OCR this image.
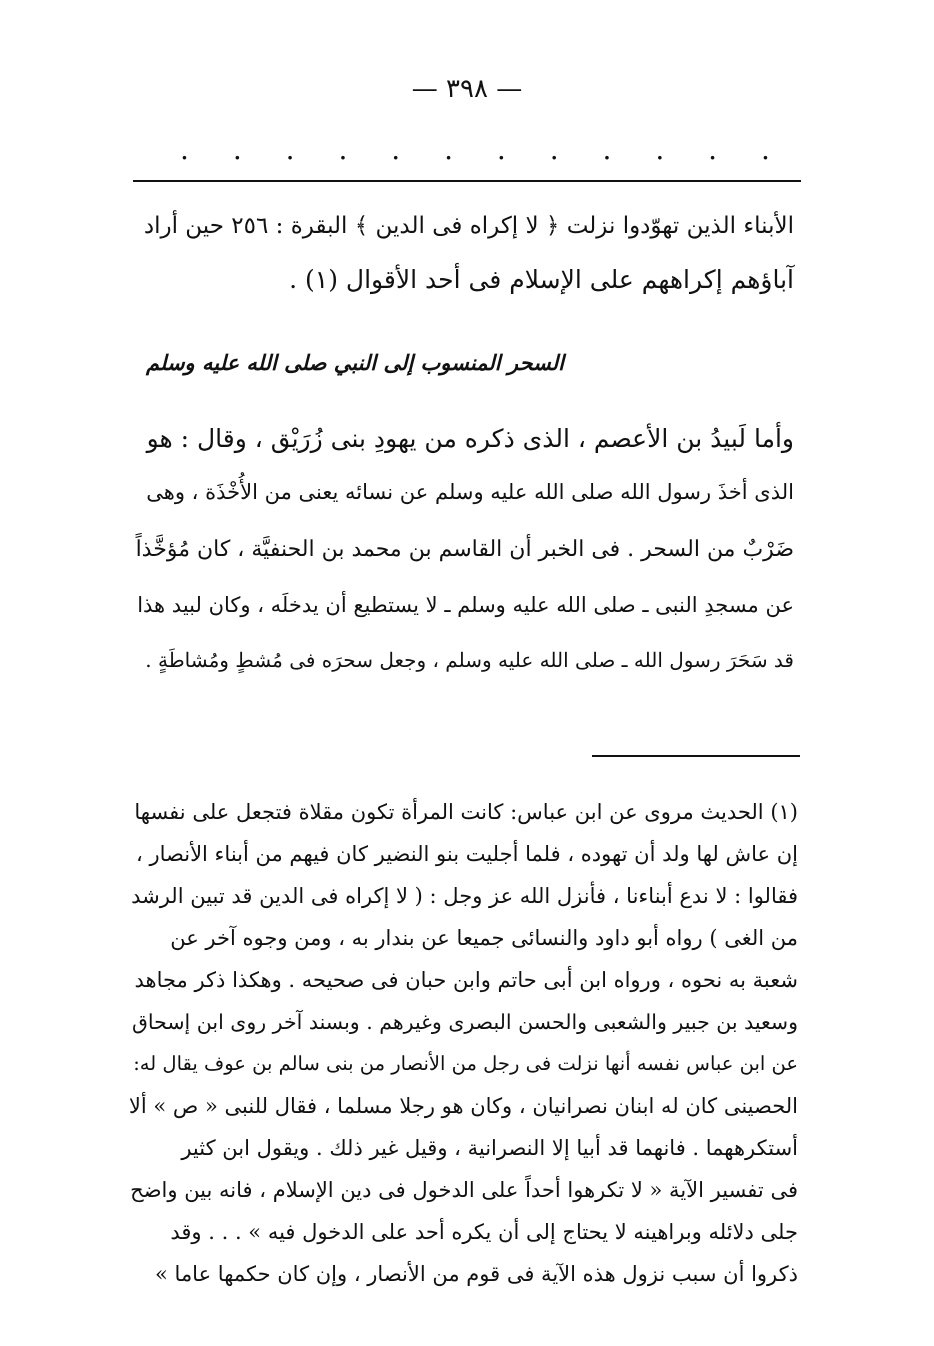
— ٣٩٨ —
. . . . . . . . . . . .
الأبناء الذين تهوّدوا نزلت ﴿ لا إكراه فى الدين ﴾ البقرة : ٢٥٦ حين أراد
آباؤهم إكراههم على الإسلام فى أحد الأقوال (١) .
السحر المنسوب إلى النبي صلى الله عليه وسلم
وأما لَبيدُ بن الأعصم ، الذى ذكره من يهودِ بنى زُرَيْق ، وقال : هو
الذى أخذَ رسول الله صلى الله عليه وسلم عن نسائه يعنى من الأُخْذَة ، وهى
ضَرْبٌ من السحر . فى الخبر أن القاسم بن محمد بن الحنفيَّة ، كان مُؤخَّذاً
عن مسجدِ النبى ـ صلى الله عليه وسلم ـ لا يستطيع أن يدخلَه ، وكان لبيد هذا
قد سَحَرَ رسول الله ـ صلى الله عليه وسلم ، وجعل سحرَه فى مُشطٍ ومُشاطَةٍ .
(١) الحديث مروى عن ابن عباس: كانت المرأة تكون مقلاة فتجعل على نفسها
إن عاش لها ولد أن تهوده ، فلما أجليت بنو النضير كان فيهم من أبناء الأنصار ،
فقالوا : لا ندع أبناءنا ، فأنزل الله عز وجل : ( لا إكراه فى الدين قد تبين الرشد
من الغى ) رواه أبو داود والنسائى جميعا عن بندار به ، ومن وجوه آخر عن
شعبة به نحوه ، ورواه ابن أبى حاتم وابن حبان فى صحيحه . وهكذا ذكر مجاهد
وسعيد بن جبير والشعبى والحسن البصرى وغيرهم . وبسند آخر روى ابن إسحاق
عن ابن عباس نفسه أنها نزلت فى رجل من الأنصار من بنى سالم بن عوف يقال له:
الحصينى كان له ابنان نصرانيان ، وكان هو رجلا مسلما ، فقال للنبى « ص » ألا
أستكرههما . فانهما قد أبيا إلا النصرانية ، وقيل غير ذلك . ويقول ابن كثير
فى تفسير الآية « لا تكرهوا أحداً على الدخول فى دين الإسلام ، فانه بين واضح
جلى دلائله وبراهينه لا يحتاج إلى أن يكره أحد على الدخول فيه » . . . وقد
ذكروا أن سبب نزول هذه الآية فى قوم من الأنصار ، وإن كان حكمها عاما »
